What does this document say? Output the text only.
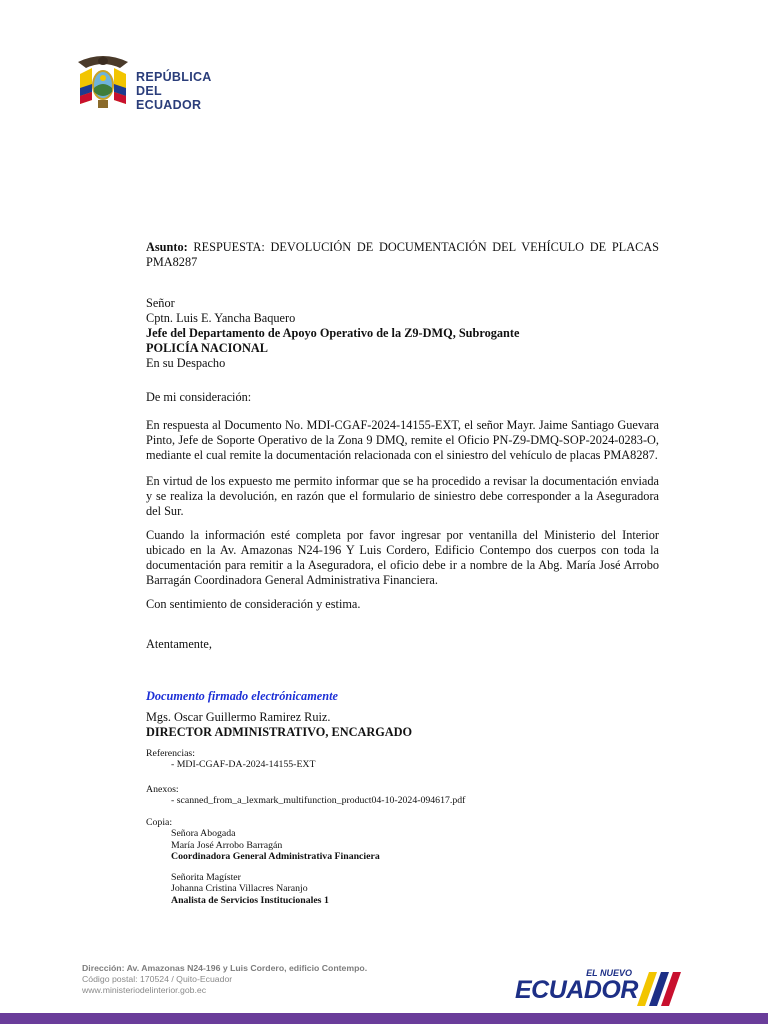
REPÚBLICA
DEL ECUADOR
Asunto: RESPUESTA: DEVOLUCIÓN DE DOCUMENTACIÓN DEL VEHÍCULO DE PLACAS PMA8287
Señor
Cptn. Luis E. Yancha Baquero
Jefe del Departamento de Apoyo Operativo de la Z9-DMQ, Subrogante
POLICÍA NACIONAL
En su Despacho
De mi consideración:
En respuesta al Documento No. MDI-CGAF-2024-14155-EXT, el señor Mayr. Jaime Santiago Guevara Pinto, Jefe de Soporte Operativo de la Zona 9 DMQ, remite el Oficio PN-Z9-DMQ-SOP-2024-0283-O, mediante el cual remite la documentación relacionada con el siniestro del vehículo de placas PMA8287.
En virtud de los expuesto me permito informar que se ha procedido a revisar la documentación enviada y se realiza la devolución, en razón que el formulario de siniestro debe corresponder a la Aseguradora del Sur.
Cuando la información esté completa por favor ingresar por ventanilla del Ministerio del Interior ubicado en la Av. Amazonas N24-196 Y Luis Cordero, Edificio Contempo dos cuerpos con toda la documentación para remitir a la Aseguradora, el oficio debe ir a nombre de la Abg. María José Arrobo Barragán Coordinadora General Administrativa Financiera.
Con sentimiento de consideración y estima.
Atentamente,
Documento firmado electrónicamente
Mgs. Oscar Guillermo Ramirez Ruiz.
DIRECTOR ADMINISTRATIVO, ENCARGADO
Referencias:
- MDI-CGAF-DA-2024-14155-EXT
Anexos:
- scanned_from_a_lexmark_multifunction_product04-10-2024-094617.pdf
Copia:
Señora Abogada
María José Arrobo Barragán
Coordinadora General Administrativa Financiera
Señorita Magíster
Johanna Cristina Villacres Naranjo
Analista de Servicios Institucionales 1
Dirección: Av. Amazonas N24-196 y Luis Cordero, edificio Contempo.
Código postal: 170524 / Quito-Ecuador
www.ministeriodelinterior.gob.ec
EL NUEVO
ECUADOR
